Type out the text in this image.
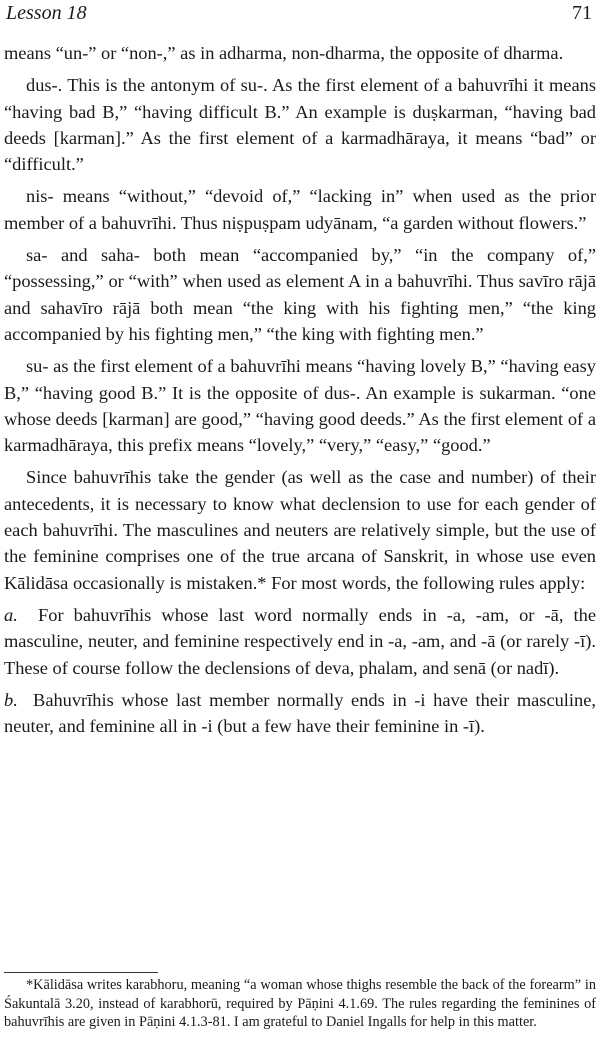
Lesson 18	71

means “un-” or “non-,” as in adharma, non-dharma, the opposite of dharma.

dus-. This is the antonym of su-. As the first element of a bahuvrīhi it means “having bad B,” “having difficult B.” An example is duṣkarman, “having bad deeds [karman].” As the first element of a karmadhāraya, it means “bad” or “difficult.”

nis- means “without,” “devoid of,” “lacking in” when used as the prior member of a bahuvrīhi. Thus niṣpuṣpam udyānam, “a garden without flowers.”

sa- and saha- both mean “accompanied by,” “in the company of,” “possessing,” or “with” when used as element A in a bahuvrīhi. Thus savīro rājā and sahavīro rājā both mean “the king with his fighting men,” “the king accompanied by his fighting men,” “the king with fighting men.”

su- as the first element of a bahuvrīhi means “having lovely B,” “having easy B,” “having good B.” It is the opposite of dus-. An example is sukarman. “one whose deeds [karman] are good,” “having good deeds.” As the first element of a karmadhāraya, this prefix means “lovely,” “very,” “easy,” “good.”

Since bahuvrīhis take the gender (as well as the case and number) of their antecedents, it is necessary to know what declension to use for each gender of each bahuvrīhi. The masculines and neuters are relatively simple, but the use of the feminine comprises one of the true arcana of Sanskrit, in whose use even Kālidāsa occasionally is mistaken.* For most words, the following rules apply:

a. For bahuvrīhis whose last word normally ends in -a, -am, or -ā, the masculine, neuter, and feminine respectively end in -a, -am, and -ā (or rarely -ī). These of course follow the declensions of deva, phalam, and senā (or nadī).

b. Bahuvrīhis whose last member normally ends in -i have their masculine, neuter, and feminine all in -i (but a few have their feminine in -ī).

*Kālidāsa writes karabhoru, meaning “a woman whose thighs resemble the back of the forearm” in Śakuntalā 3.20, instead of karabhorū, required by Pāṇini 4.1.69. The rules regarding the feminines of bahuvrīhis are given in Pāṇini 4.1.3-81. I am grateful to Daniel Ingalls for help in this matter.
